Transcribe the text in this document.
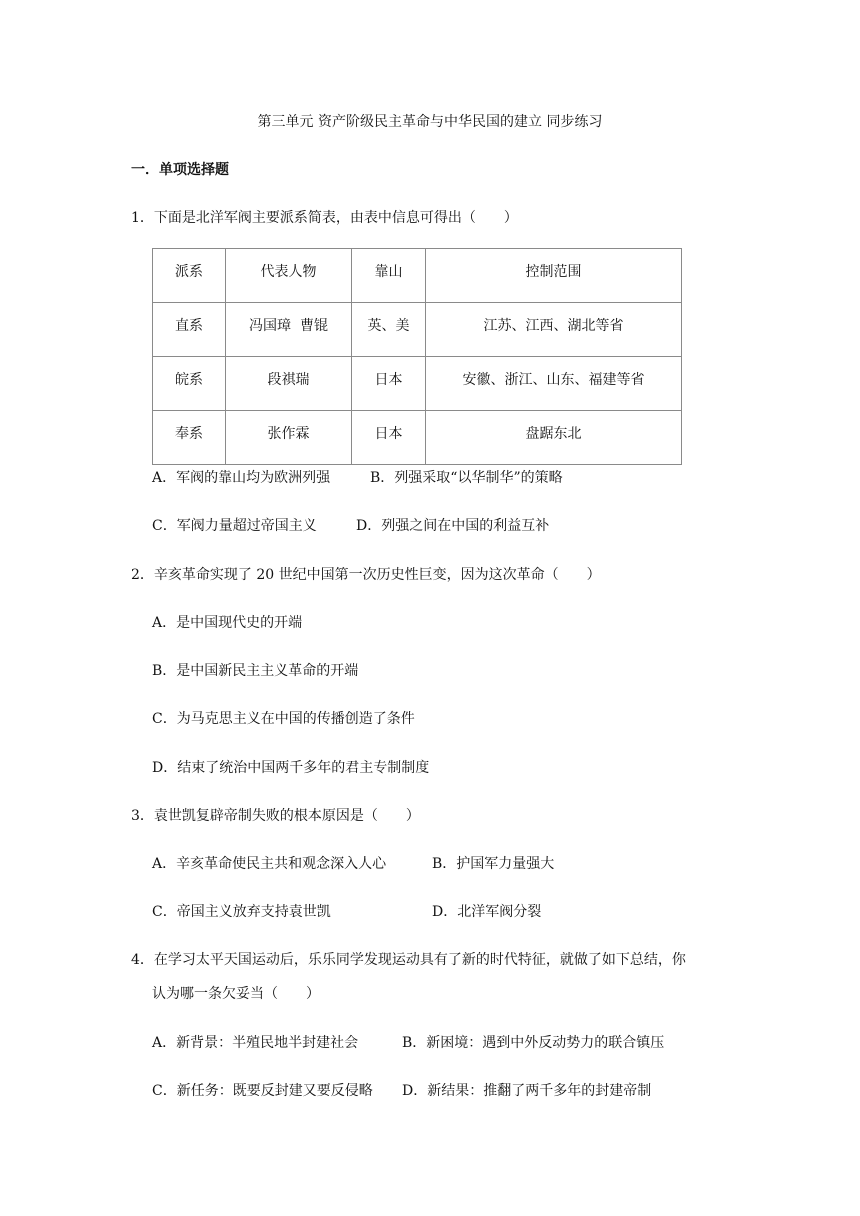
第三单元 资产阶级民主革命与中华民国的建立 同步练习
一．单项选择题
1．下面是北洋军阀主要派系简表，由表中信息可得出（　　）
派系	代表人物	靠山	控制范围
直系	冯国璋  曹锟	英、美	江苏、江西、湖北等省
皖系	段祺瑞	日本	安徽、浙江、山东、福建等省
奉系	张作霖	日本	盘踞东北
A．军阀的靠山均为欧洲列强	B．列强采取“以华制华”的策略
C．军阀力量超过帝国主义	D．列强之间在中国的利益互补
2．辛亥革命实现了 20 世纪中国第一次历史性巨变，因为这次革命（　　）
A．是中国现代史的开端
B．是中国新民主主义革命的开端
C．为马克思主义在中国的传播创造了条件
D．结束了统治中国两千多年的君主专制制度
3．袁世凯复辟帝制失败的根本原因是（　　）
A．辛亥革命使民主共和观念深入人心	B．护国军力量强大
C．帝国主义放弃支持袁世凯	D．北洋军阀分裂
4．在学习太平天国运动后，乐乐同学发现运动具有了新的时代特征，就做了如下总结，你
认为哪一条欠妥当（　　）
A．新背景：半殖民地半封建社会	B．新困境：遇到中外反动势力的联合镇压
C．新任务：既要反封建又要反侵略 D．新结果：推翻了两千多年的封建帝制
